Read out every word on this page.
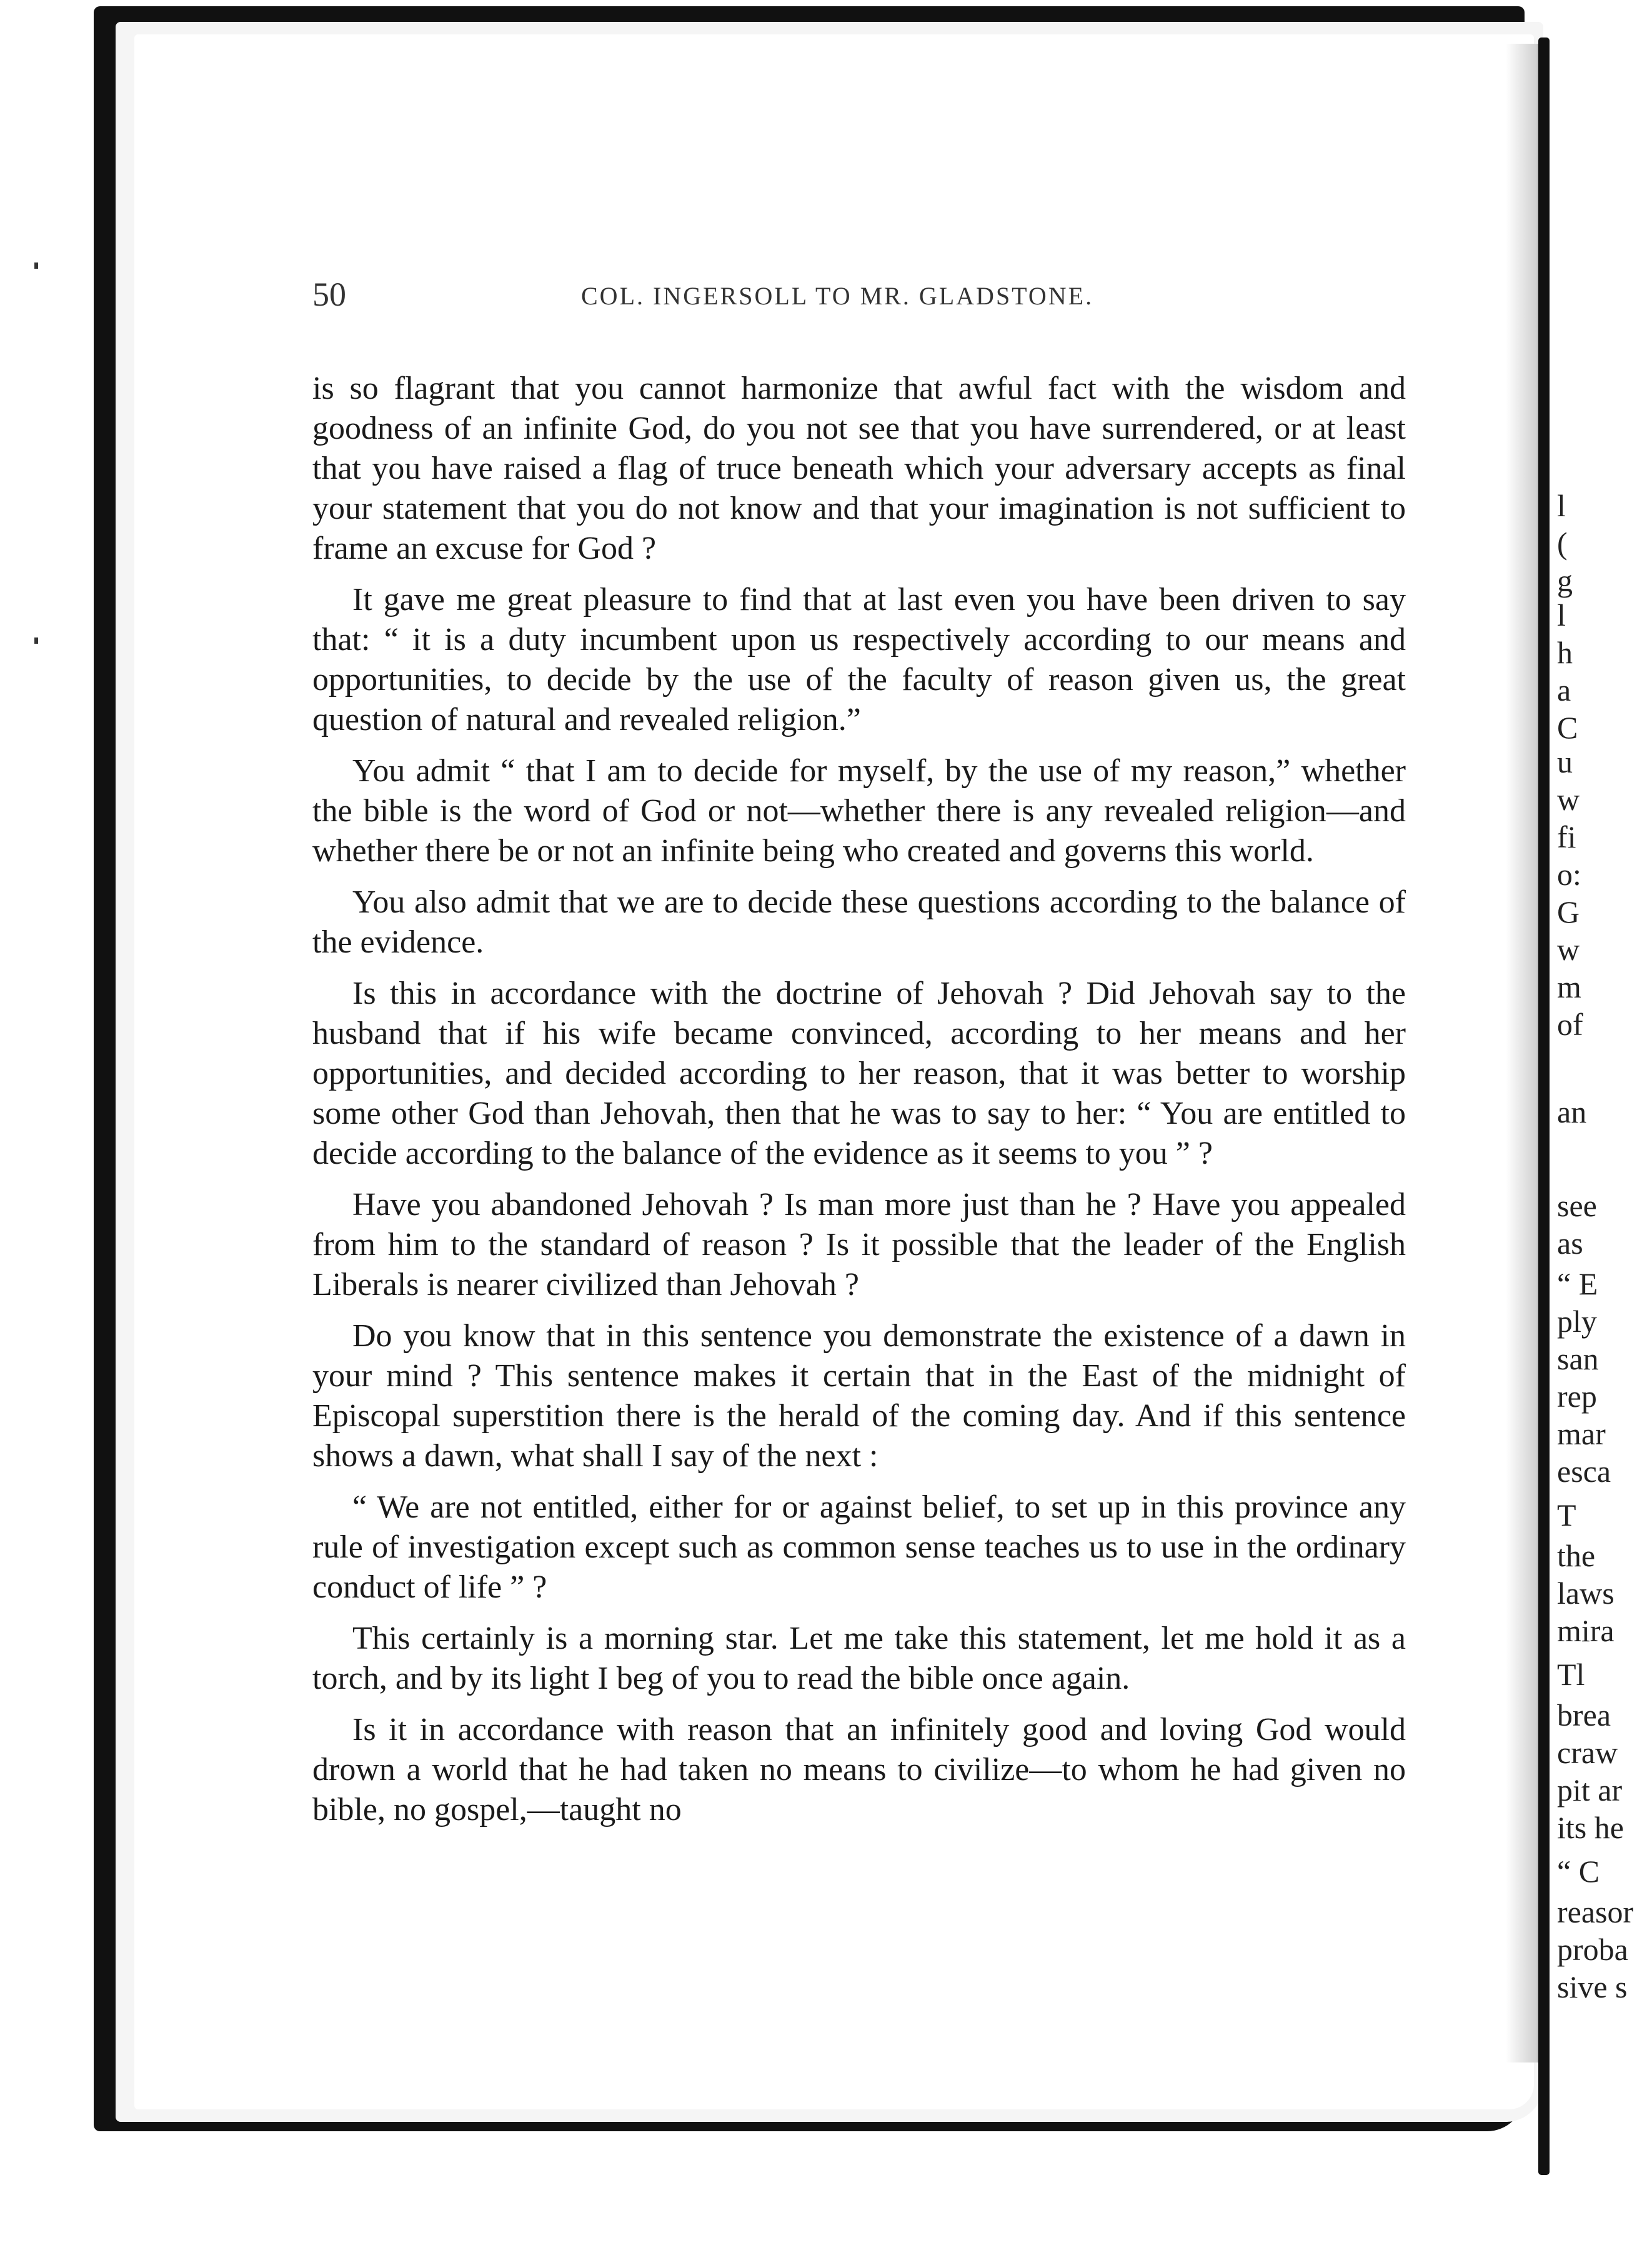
l
(
g
l
h
a
C
u
w
fi
o:
G
w
m
of
an
see
as
“ E
ply
san
rep
mar
esca
T
the
laws
mira
Tl
brea
craw
pit ar
its he
“ C
reasor
proba
sive s
50	COL. INGERSOLL TO MR. GLADSTONE.

is so flagrant that you cannot harmonize that awful fact with the wisdom and goodness of an infinite God, do you not see that you have surrendered, or at least that you have raised a flag of truce beneath which your adversary accepts as final your statement that you do not know and that your imagination is not sufficient to frame an excuse for God ?

It gave me great pleasure to find that at last even you have been driven to say that: “ it is a duty incumbent upon us respectively according to our means and opportunities, to decide by the use of the faculty of reason given us, the great question of natural and revealed religion.”

You admit “ that I am to decide for myself, by the use of my reason,” whether the bible is the word of God or not—whether there is any revealed religion—and whether there be or not an infinite being who created and governs this world.

You also admit that we are to decide these questions according to the balance of the evidence.

Is this in accordance with the doctrine of Jehovah ? Did Jehovah say to the husband that if his wife became convinced, according to her means and her opportunities, and decided according to her reason, that it was better to worship some other God than Jehovah, then that he was to say to her: “ You are entitled to decide according to the balance of the evidence as it seems to you ” ?

Have you abandoned Jehovah ? Is man more just than he ? Have you appealed from him to the standard of reason ? Is it possible that the leader of the English Liberals is nearer civilized than Jehovah ?

Do you know that in this sentence you demonstrate the existence of a dawn in your mind ? This sentence makes it certain that in the East of the midnight of Episcopal superstition there is the herald of the coming day. And if this sentence shows a dawn, what shall I say of the next :

“ We are not entitled, either for or against belief, to set up in this province any rule of investigation except such as common sense teaches us to use in the ordinary conduct of life ” ?

This certainly is a morning star. Let me take this statement, let me hold it as a torch, and by its light I beg of you to read the bible once again.

Is it in accordance with reason that an infinitely good and loving God would drown a world that he had taken no means to civilize—to whom he had given no bible, no gospel,—taught no
